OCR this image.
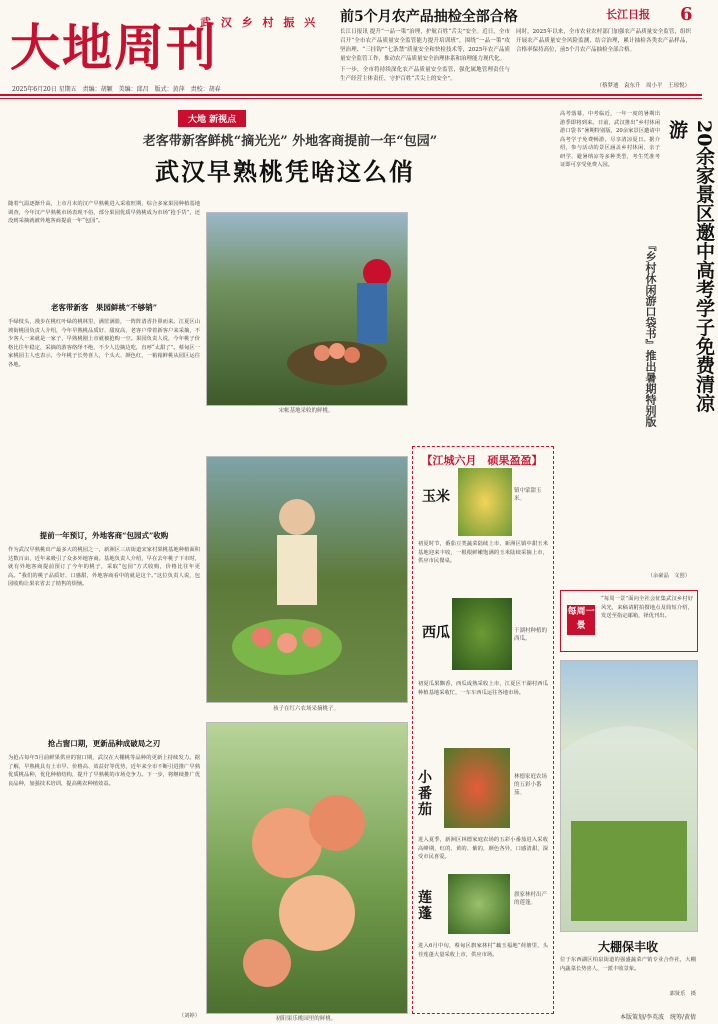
大地周刊
武 汉 乡 村 振 兴
2025年6月20日 星期五　责编：胡颖　美编：邱昌　版式：黄萍　责校：胡春
前5个月农产品抽检全部合格	长江日报 6
长江日报讯 提升“一品一策”治理，护航百姓“舌尖”安全。近日，全市召开“全市农产品质量安全监管能力提升培训班”，围绕“一品一策”攻坚治理、“三挂钩”“七条禁”质量安全和快检技术等，2025年农产品质量安全监管工作，推动农产品质量安全治理体系和治理能力现代化。
同时，2025年以来，全市农业农村部门加强农产品质量安全监管，组织开展农产品质量安全风险监测，结合治理，累计抽检各类农产品样品，合格率保持高位，前5个月农产品抽检全部合格。
下一步，全市将持续深化农产品质量安全监管，强化属地管理责任与生产经营主体责任，守护百姓“舌尖上的安全”。
（蔡梦迪　袁东升　周小平　王琼悦）
大地 新视点
老客带新客鲜桃“摘光光” 外地客商提前一年“包园”
武汉早熟桃凭啥这么俏
随着气温逐渐升高，上市月末的汉产早熟桃进入采收旺期，综合多家果园种植基地调查，今年汉产早熟桃市场表现不俗，部分果园优质早熟桃成为市场“抢手货”，还没到采摘就被外地客商提前一年“包园”。
老客带新客　果园鲜桃“不够销”
手绿枝头，漫步在桃红叶绿的桃林里，满筐满篮，一阵阵清香扑鼻而来。江夏区山坡街桃园负责人介绍，今年早熟桃品质好、甜度高，老客户带着新客户来采摘，不少客人一来就是一家子，早熟桃刚上市就被抢购一空。果园负责人说，今年桃子价格比往年稳定，采摘的游客络绎不绝，不少人边摘边吃，直呼“太甜了”。蔡甸区一家桃园主人也表示，今年桃子长势喜人，个头大、颜色红，一箱箱鲜桃从园区运往各地。
提前一年预订，外地客商“包园式”收购
作为武汉早熟桃出产最多大的桃园之一，新洲区三店街道宋家村果桃基地种植面积达数百亩，近年来吸引了众多外地客商。基地负责人介绍，早在去年桃子下市时，就有外地客商提前预订了今年的桃子，采取“包园”方式收购，价格比往年更高。“我们的桃子品质好、口感甜，外地客商看中的就是这个。”这位负责人说，包园收购让果农省去了销售的烦恼。
抢占窗口期，更新品种成破局之刃
为抢占每年5月前鲜果供应的窗口期，武汉在大棚桃等品种的更新上持续发力。据了解，早熟桃具有上市早、价格高、效益好等优势，近年来全市不断引进推广早熟优质桃品种，优化种植结构，提升了早熟桃的市场竞争力。下一步，将继续推广优良品种，加强技术培训，提高桃农种植效益。
（刘婷）
宋帐基地采收的鲜桃。
孩子在红六农场采摘桃子。
初阳果乐桃园里的鲜桃。
【江城六月　硕果盈盈】
玉米	镇中蒙甜玉米。
初夏时节，番茄豆类蔬菜陆续上市，新洲区镇中甜玉米基地迎来丰收，一根根鲜嫩饱满的玉米陆续采摘上市，供应市民餐桌。
西瓜	干湖村种植的西瓜。
初夏瓜果飘香，西瓜成熟采收上市，江夏区干湖村西瓜种植基地采收忙，一车车西瓜运往各地市场。
小番茄
林德家庭农场的五彩小番茄。
进入夏季，新洲区林德家庭农场的五彩小番茄进入采收高峰期，红的、黄的、紫的，颜色各异，口感清甜，深受市民喜爱。
莲蓬
旗家林村出产的莲蓬。
进入6月中旬，蔡甸区旗家林村“藕玉福地”荷塘里，头茬莲蓬大量采收上市，供应市场。
高考落幕，中考临近，一年一度的暑期出游季即将到来。日前，武汉推出“乡村休闲游口袋书”暑期特别版，20余家景区邀请中高考学子免费畅游，尽享清凉夏日。据介绍，参与活动的景区涵盖乡村休闲、亲子研学、避暑纳凉等多种类型，考生凭准考证即可享受免费入园。	20余家景区邀中高考学子免费清凉游
『乡村休闲游口袋书』推出暑期特别版
（余豪晶　文创）
每周一景
“每周一景”面向全社会征集武汉乡村好风光，来稿请附拍摄地点及简短介绍，发送至指定邮箱，择优刊出。
大棚保丰收
位于东西湖区柏泉街道的强盛蔬菜产销专业合作社，大棚内蔬菜长势喜人，一派丰收景象。
郭贤乐　摄
本版策划/李英波　统筹/黄倩
